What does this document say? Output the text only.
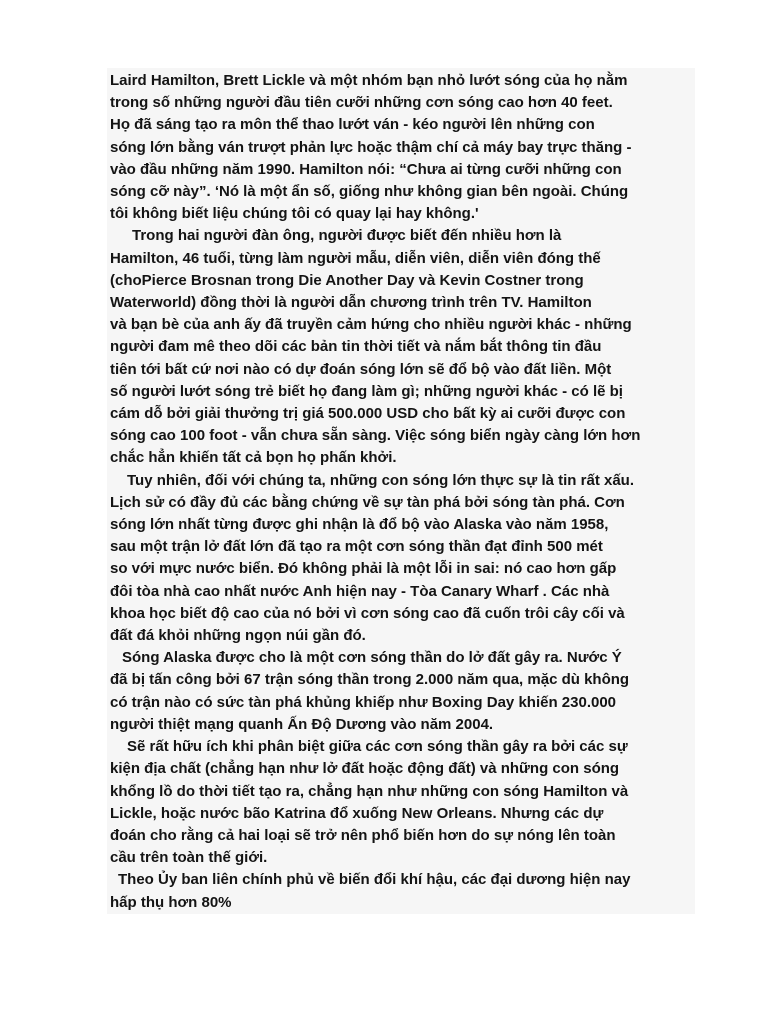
Laird Hamilton, Brett Lickle và một nhóm bạn nhỏ lướt sóng của họ nằm
trong số những người đầu tiên cưỡi những cơn sóng cao hơn 40 feet.
Họ đã sáng tạo ra môn thể thao lướt ván - kéo người lên những con
sóng lớn bằng ván trượt phản lực hoặc thậm chí cả máy bay trực thăng -
vào đầu những năm 1990. Hamilton nói: “Chưa ai từng cưỡi những con
sóng cỡ này”. ‘Nó là một ẩn số, giống như không gian bên ngoài. Chúng
tôi không biết liệu chúng tôi có quay lại hay không.'
Trong hai người đàn ông, người được biết đến nhiều hơn là
Hamilton, 46 tuổi, từng làm người mẫu, diễn viên, diễn viên đóng thế
(choPierce Brosnan trong Die Another Day và Kevin Costner trong
Waterworld) đồng thời là người dẫn chương trình trên TV. Hamilton
và bạn bè của anh ấy đã truyền cảm hứng cho nhiều người khác - những
người đam mê theo dõi các bản tin thời tiết và nắm bắt thông tin đầu
tiên tới bất cứ nơi nào có dự đoán sóng lớn sẽ đổ bộ vào đất liền. Một
số người lướt sóng trẻ biết họ đang làm gì; những người khác - có lẽ bị
cám dỗ bởi giải thưởng trị giá 500.000 USD cho bất kỳ ai cưỡi được con
sóng cao 100 foot - vẫn chưa sẵn sàng. Việc sóng biển ngày càng lớn hơn
chắc hẳn khiến tất cả bọn họ phấn khởi.
Tuy nhiên, đối với chúng ta, những con sóng lớn thực sự là tin rất xấu.
Lịch sử có đầy đủ các bằng chứng về sự tàn phá bởi sóng tàn phá. Cơn
sóng lớn nhất từng được ghi nhận là đổ bộ vào Alaska vào năm 1958,
sau một trận lở đất lớn đã tạo ra một cơn sóng thần đạt đỉnh 500 mét
so với mực nước biển. Đó không phải là một lỗi in sai: nó cao hơn gấp
đôi tòa nhà cao nhất nước Anh hiện nay - Tòa Canary Wharf . Các nhà
khoa học biết độ cao của nó bởi vì cơn sóng cao đã cuốn trôi cây cối và
đất đá khỏi những ngọn núi gần đó.
Sóng Alaska được cho là một cơn sóng thần do lở đất gây ra. Nước Ý
đã bị tấn công bởi 67 trận sóng thần trong 2.000 năm qua, mặc dù không
có trận nào có sức tàn phá khủng khiếp như Boxing Day khiến 230.000
người thiệt mạng quanh Ấn Độ Dương vào năm 2004.
Sẽ rất hữu ích khi phân biệt giữa các cơn sóng thần gây ra bởi các sự
kiện địa chất (chẳng hạn như lở đất hoặc động đất) và những con sóng
khổng lồ do thời tiết tạo ra, chẳng hạn như những con sóng Hamilton và
Lickle, hoặc nước bão Katrina đổ xuống New Orleans. Nhưng các dự
đoán cho rằng cả hai loại sẽ trở nên phổ biến hơn do sự nóng lên toàn
cầu trên toàn thế giới.
Theo Ủy ban liên chính phủ về biến đổi khí hậu, các đại dương hiện nay
hấp thụ hơn 80%
